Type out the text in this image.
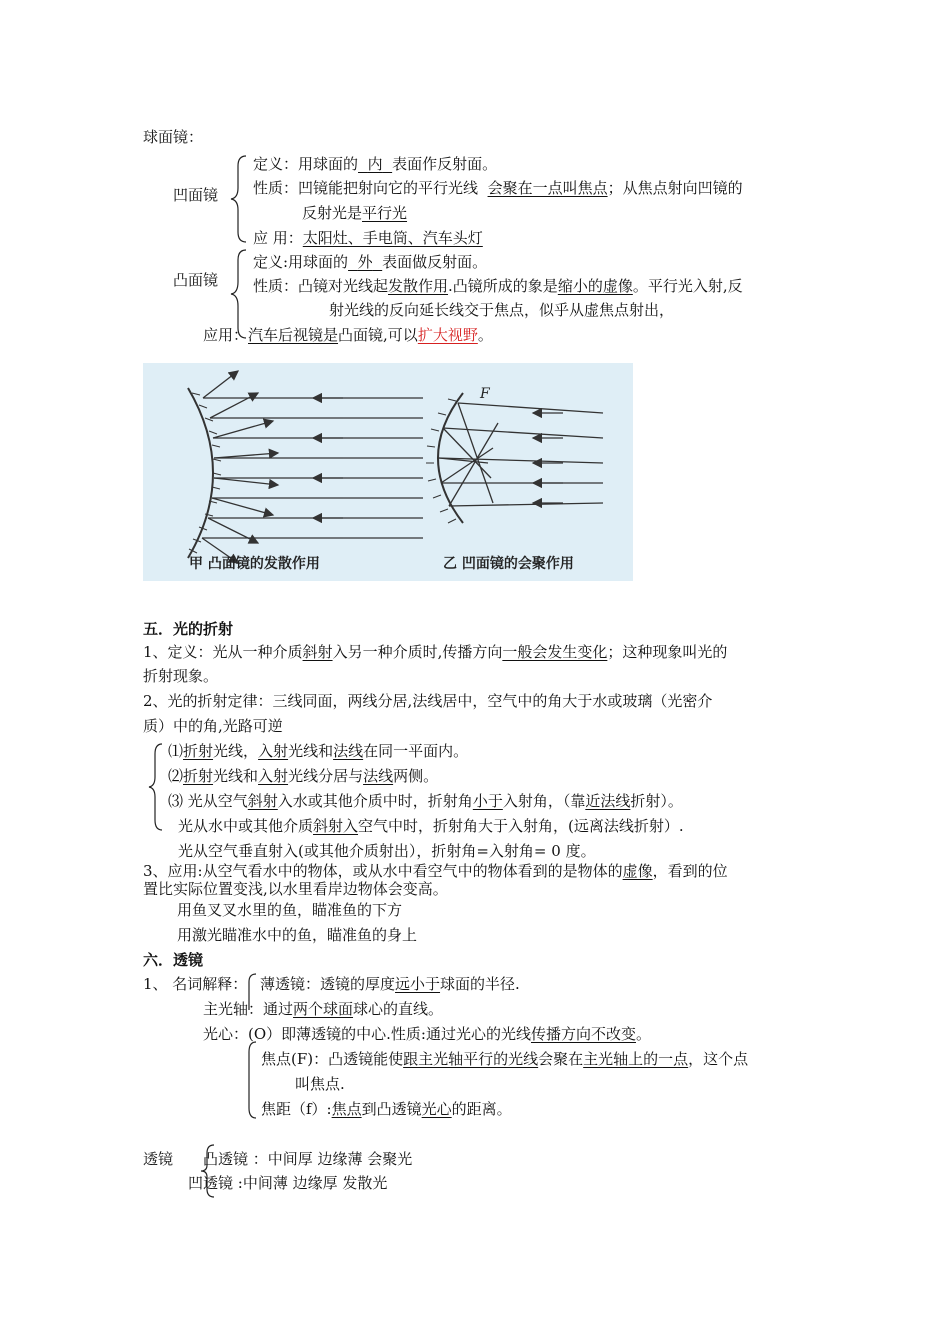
球面镜：
凹面镜
定义：用球面的 内 表面作反射面。
性质：凹镜能把射向它的平行光线 会聚在一点叫焦点；从焦点射向凹镜的
反射光是平行光
应 用：太阳灶、手电筒、汽车头灯
凸面镜
定义:用球面的 外 表面做反射面。
性质：凸镜对光线起发散作用.凸镜所成的象是缩小的虚像。平行光入射,反
射光线的反向延长线交于焦点，似乎从虚焦点射出，
应用：汽车后视镜是凸面镜,可以扩大视野。
F
甲 凸面镜的发散作用	乙 凹面镜的会聚作用
五．光的折射
1、定义：光从一种介质斜射入另一种介质时,传播方向一般会发生变化；这种现象叫光的
折射现象。
2、光的折射定律：三线同面，两线分居,法线居中，空气中的角大于水或玻璃（光密介
质）中的角,光路可逆
⑴折射光线，入射光线和法线在同一平面内。
⑵折射光线和入射光线分居与法线两侧。
⑶ 光从空气斜射入水或其他介质中时，折射角小于入射角，（靠近法线折射）。
光从水中或其他介质斜射入空气中时，折射角大于入射角，(远离法线折射）.
光从空气垂直射入(或其他介质射出），折射角=入射角= 0 度。
3、应用:从空气看水中的物体，或从水中看空气中的物体看到的是物体的虚像，看到的位
置比实际位置变浅,以水里看岸边物体会变高。
用鱼叉叉水里的鱼，瞄准鱼的下方
用激光瞄准水中的鱼，瞄准鱼的身上
六．透镜
1、 名词解释： 薄透镜：透镜的厚度远小于球面的半径.
主光轴：通过两个球面球心的直线。
光心：(O）即薄透镜的中心.性质:通过光心的光线传播方向不改变。
焦点(F)：凸透镜能使跟主光轴平行的光线会聚在主光轴上的一点，这个点
叫焦点.
焦距（f）:焦点到凸透镜光心的距离。
透镜 凸透镜 ：中间厚 边缘薄 会聚光
凹透镜 :中间薄 边缘厚 发散光
